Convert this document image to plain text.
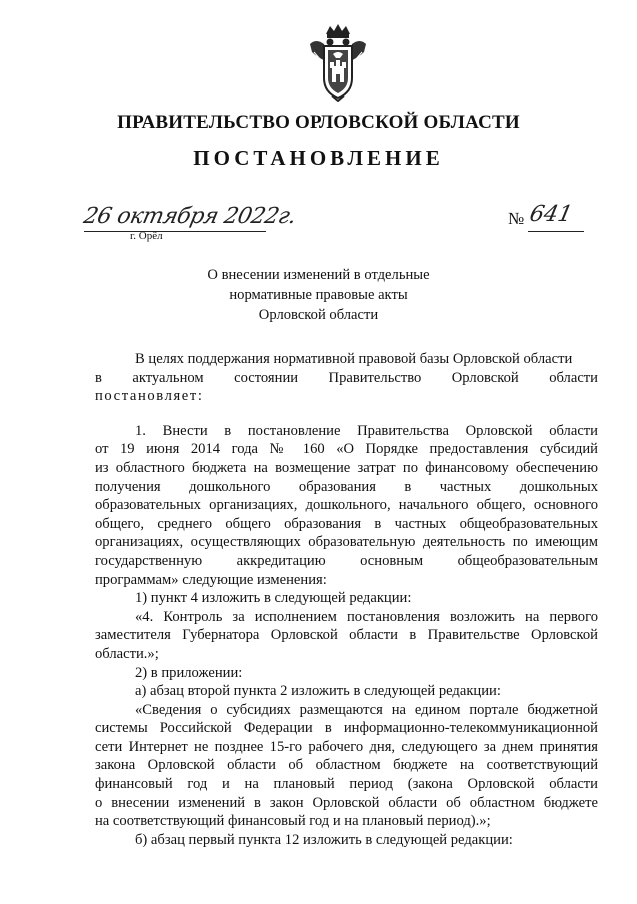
ПРАВИТЕЛЬСТВО ОРЛОВСКОЙ ОБЛАСТИ
ПОСТАНОВЛЕНИЕ
26 октября 2022г.
г. Орёл
№ 641
О внесении изменений в отдельные
нормативные правовые акты
Орловской области
В целях поддержания нормативной правовой базы Орловской области
в актуальном состоянии Правительство Орловской области
постановляет:
1. Внести в постановление Правительства Орловской области
от 19 июня 2014 года № 160 «О Порядке предоставления субсидий
из областного бюджета на возмещение затрат по финансовому обеспечению
получения дошкольного образования в частных дошкольных
образовательных организациях, дошкольного, начального общего, основного
общего, среднего общего образования в частных общеобразовательных
организациях, осуществляющих образовательную деятельность по имеющим
государственную аккредитацию основным общеобразовательным
программам» следующие изменения:
1) пункт 4 изложить в следующей редакции:
«4. Контроль за исполнением постановления возложить на первого
заместителя Губернатора Орловской области в Правительстве Орловской
области.»;
2) в приложении:
а) абзац второй пункта 2 изложить в следующей редакции:
«Сведения о субсидиях размещаются на едином портале бюджетной
системы Российской Федерации в информационно-телекоммуникационной
сети Интернет не позднее 15-го рабочего дня, следующего за днем принятия
закона Орловской области об областном бюджете на соответствующий
финансовый год и на плановый период (закона Орловской области
о внесении изменений в закон Орловской области об областном бюджете
на соответствующий финансовый год и на плановый период).»;
б) абзац первый пункта 12 изложить в следующей редакции:
